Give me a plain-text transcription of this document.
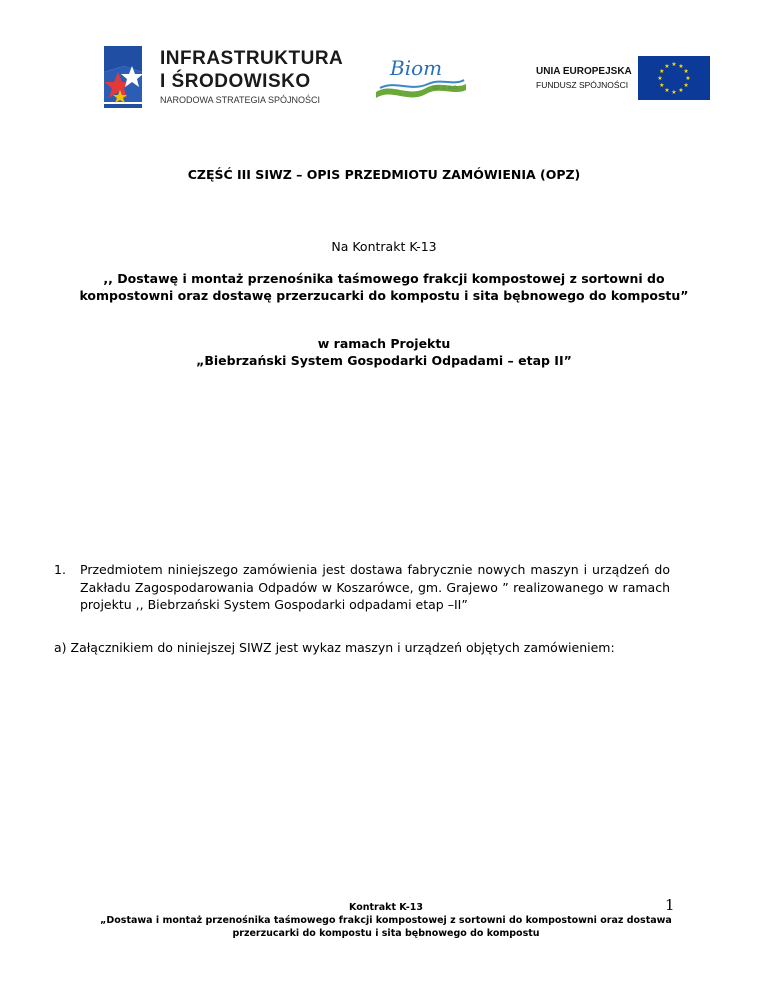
INFRASTRUKTURA
I ŚRODOWISKO
NARODOWA STRATEGIA SPÓJNOŚCI
Biom
sp. z o.o.
UNIA EUROPEJSKA
FUNDUSZ SPÓJNOŚCI
★ ★
★
★
★
★
★
★
★
★
★
★
CZĘŚĆ III SIWZ – OPIS PRZEDMIOTU ZAMÓWIENIA (OPZ)
Na Kontrakt K-13
,, Dostawę i montaż przenośnika taśmowego frakcji kompostowej z sortowni do
kompostowni oraz dostawę przerzucarki do kompostu i sita bębnowego do kompostu”
w ramach Projektu
„Biebrzański System Gospodarki Odpadami – etap II”
1. Przedmiotem niniejszego zamówienia jest dostawa fabrycznie nowych maszyn i urządzeń do Zakładu Zagospodarowania Odpadów w Koszarówce, gm. Grajewo ” realizowanego w ramach projektu ,, Biebrzański System Gospodarki odpadami etap –II”
a) Załącznikiem do niniejszej SIWZ jest wykaz maszyn i urządzeń objętych zamówieniem:
Kontrakt K-13
„Dostawa i montaż przenośnika taśmowego frakcji kompostowej z sortowni do kompostowni oraz dostawa
przerzucarki do kompostu i sita bębnowego do kompostu
1
